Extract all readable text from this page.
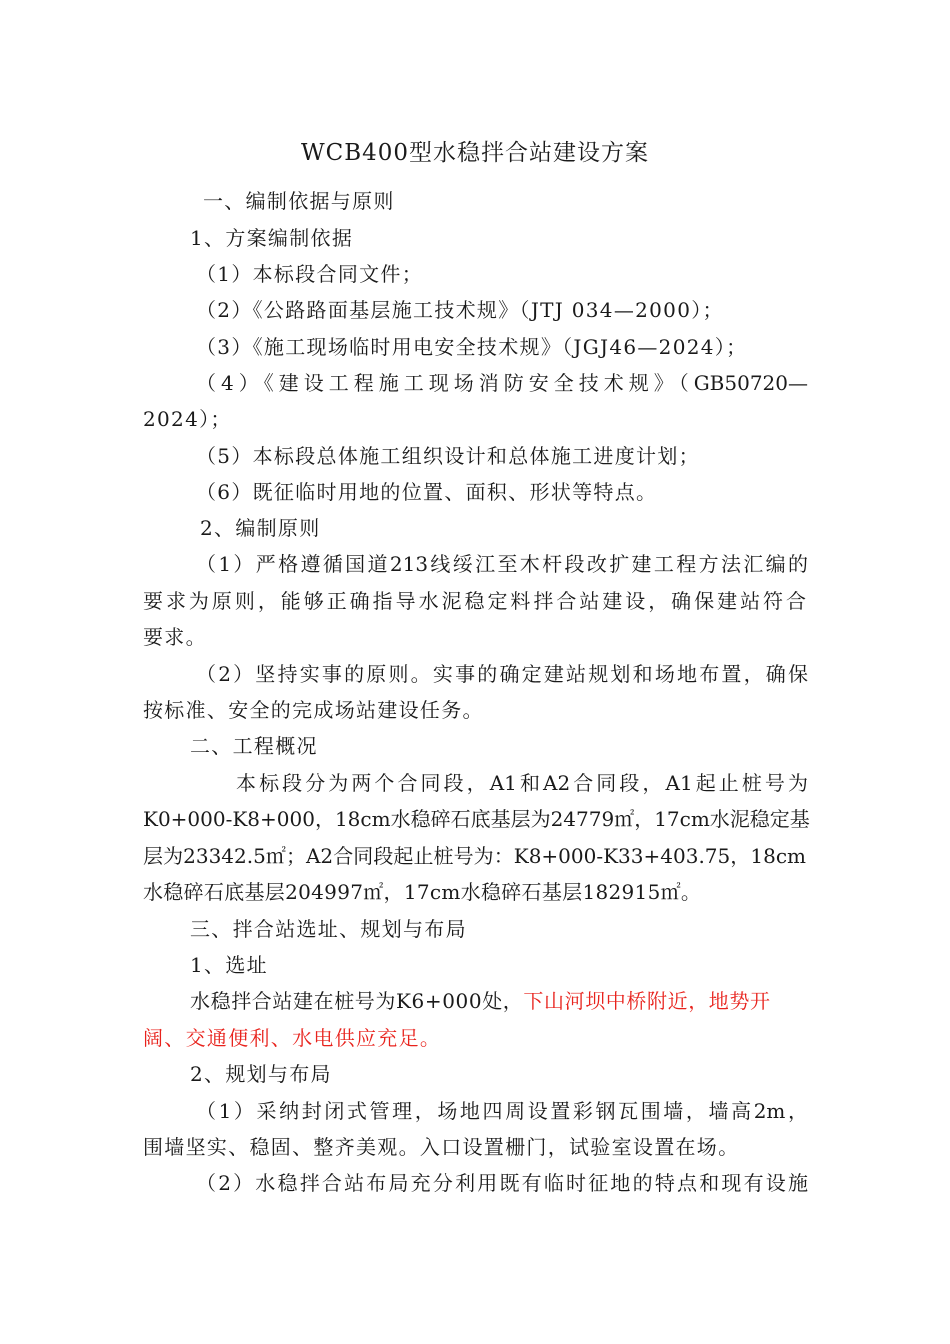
WCB400型水稳拌合站建设方案
一、编制依据与原则
1、方案编制依据
（1）本标段合同文件；
（2）《公路路面基层施工技术规》（JTJ 034—2000）；
（3）《施工现场临时用电安全技术规》（JGJ46—2024）；
（4）《建设工程施工现场消防安全技术规》（GB50720—
2024）；
（5）本标段总体施工组织设计和总体施工进度计划；
（6）既征临时用地的位置、面积、形状等特点。
2、编制原则
（1）严格遵循国道213线绥江至木杆段改扩建工程方法汇编的
要求为原则，能够正确指导水泥稳定料拌合站建设，确保建站符合
要求。
（2）坚持实事的原则。实事的确定建站规划和场地布置，确保
按标准、安全的完成场站建设任务。
二、工程概况
本标段分为两个合同段，A1和A2合同段，A1起止桩号为
K0+000-K8+000，18cm水稳碎石底基层为24779㎡，17cm水泥稳定基
层为23342.5㎡；A2合同段起止桩号为：K8+000-K33+403.75，18cm
水稳碎石底基层204997㎡，17cm水稳碎石基层182915㎡。
三、拌合站选址、规划与布局
1、选址
水稳拌合站建在桩号为K6+000处，下山河坝中桥附近，地势开
阔、交通便利、水电供应充足。
2、规划与布局
（1）采纳封闭式管理，场地四周设置彩钢瓦围墙，墙高2m，
围墙坚实、稳固、整齐美观。入口设置栅门，试验室设置在场。
（2）水稳拌合站布局充分利用既有临时征地的特点和现有设施
